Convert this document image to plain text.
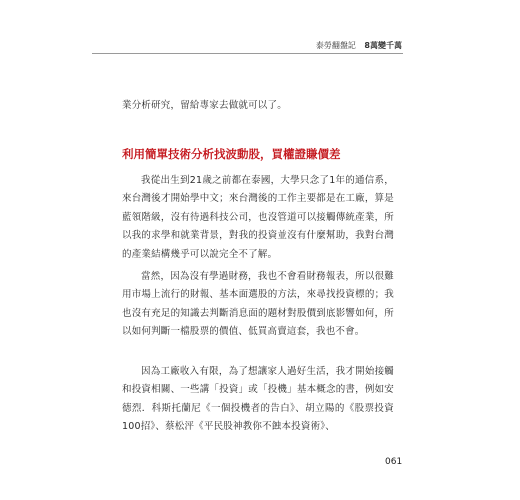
泰勞翻盤記 8萬變千萬

業分析研究，留給專家去做就可以了。

利用簡單技術分析找波動股，買權證賺價差

我從出生到21歲之前都在泰國，大學只念了1年的通信系，來台灣後才開始學中文；來台灣後的工作主要都是在工廠，算是藍領階級，沒有待過科技公司，也沒管道可以接觸傳統產業，所以我的求學和就業背景，對我的投資並沒有什麼幫助，我對台灣的產業結構幾乎可以說完全不了解。

當然，因為沒有學過財務，我也不會看財務報表，所以很難用市場上流行的財報、基本面選股的方法，來尋找投資標的；我也沒有充足的知識去判斷消息面的題材對股價到底影響如何，所以如何判斷一檔股票的價值、低買高賣這套，我也不會。

因為工廠收入有限，為了想讓家人過好生活，我才開始接觸和投資相關、一些講「投資」或「投機」基本概念的書，例如安德烈．科斯托蘭尼《一個投機者的告白》、胡立陽的《股票投資100招》、蔡松泙《平民股神教你不蝕本投資術》、

061
